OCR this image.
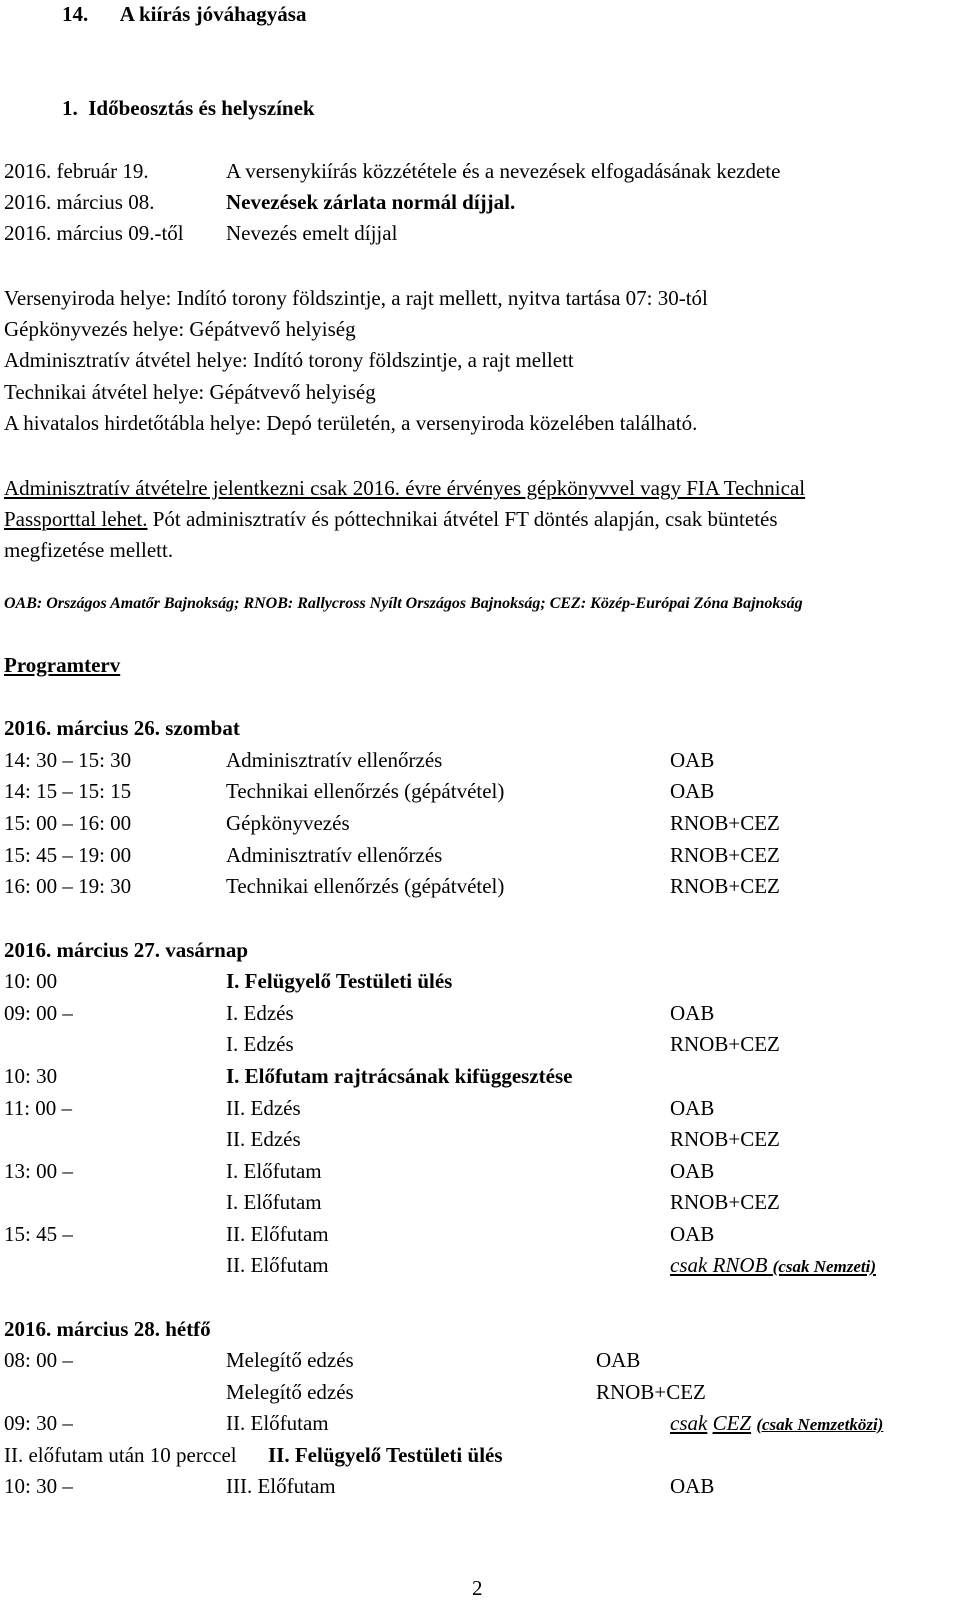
14.      A kiírás jóváhagyása
1.  Időbeosztás és helyszínek
2016. február 19.	A versenykiírás közzététele és a nevezések elfogadásának kezdete
2016. március 08.	Nevezések zárlata normál díjjal.
2016. március 09.-től Nevezés emelt díjjal
Versenyiroda helye: Indító torony földszintje, a rajt mellett, nyitva tartása 07: 30-tól
Gépkönyvezés helye: Gépátvevő helyiség
Adminisztratív átvétel helye: Indító torony földszintje, a rajt mellett
Technikai átvétel helye: Gépátvevő helyiség
A hivatalos hirdetőtábla helye: Depó területén, a versenyiroda közelében található.
Adminisztratív átvételre jelentkezni csak 2016. évre érvényes gépkönyvvel vagy FIA Technical
Passporttal lehet. Pót adminisztratív és póttechnikai átvétel FT döntés alapján, csak büntetés
megfizetése mellett.
OAB: Országos Amatőr Bajnokság; RNOB: Rallycross Nyílt Országos Bajnokság; CEZ: Közép-Európai Zóna Bajnokság
Programterv
2016. március 26. szombat
14: 30 – 15: 30	Adminisztratív ellenőrzés	OAB
14: 15 – 15: 15	Technikai ellenőrzés (gépátvétel)	OAB
15: 00 – 16: 00	Gépkönyvezés	RNOB+CEZ
15: 45 – 19: 00	Adminisztratív ellenőrzés	RNOB+CEZ
16: 00 – 19: 30	Technikai ellenőrzés (gépátvétel)	RNOB+CEZ
2016. március 27. vasárnap
10: 00	I. Felügyelő Testületi ülés
09: 00 –	I. Edzés	OAB
I. Edzés	RNOB+CEZ
10: 30	I. Előfutam rajtrácsának kifüggesztése
11: 00 –	II. Edzés	OAB
II. Edzés	RNOB+CEZ
13: 00 –	I. Előfutam	OAB
I. Előfutam	RNOB+CEZ
15: 45 –	II. Előfutam	OAB
II. Előfutam	csak RNOB (csak Nemzeti)
2016. március 28. hétfő
08: 00 –	Melegítő edzés	OAB
Melegítő edzés	RNOB+CEZ
09: 30 –	II. Előfutam	csak CEZ (csak Nemzetközi)
II. előfutam után 10 perccel II. Felügyelő Testületi ülés
10: 30 –	III. Előfutam	OAB
2
